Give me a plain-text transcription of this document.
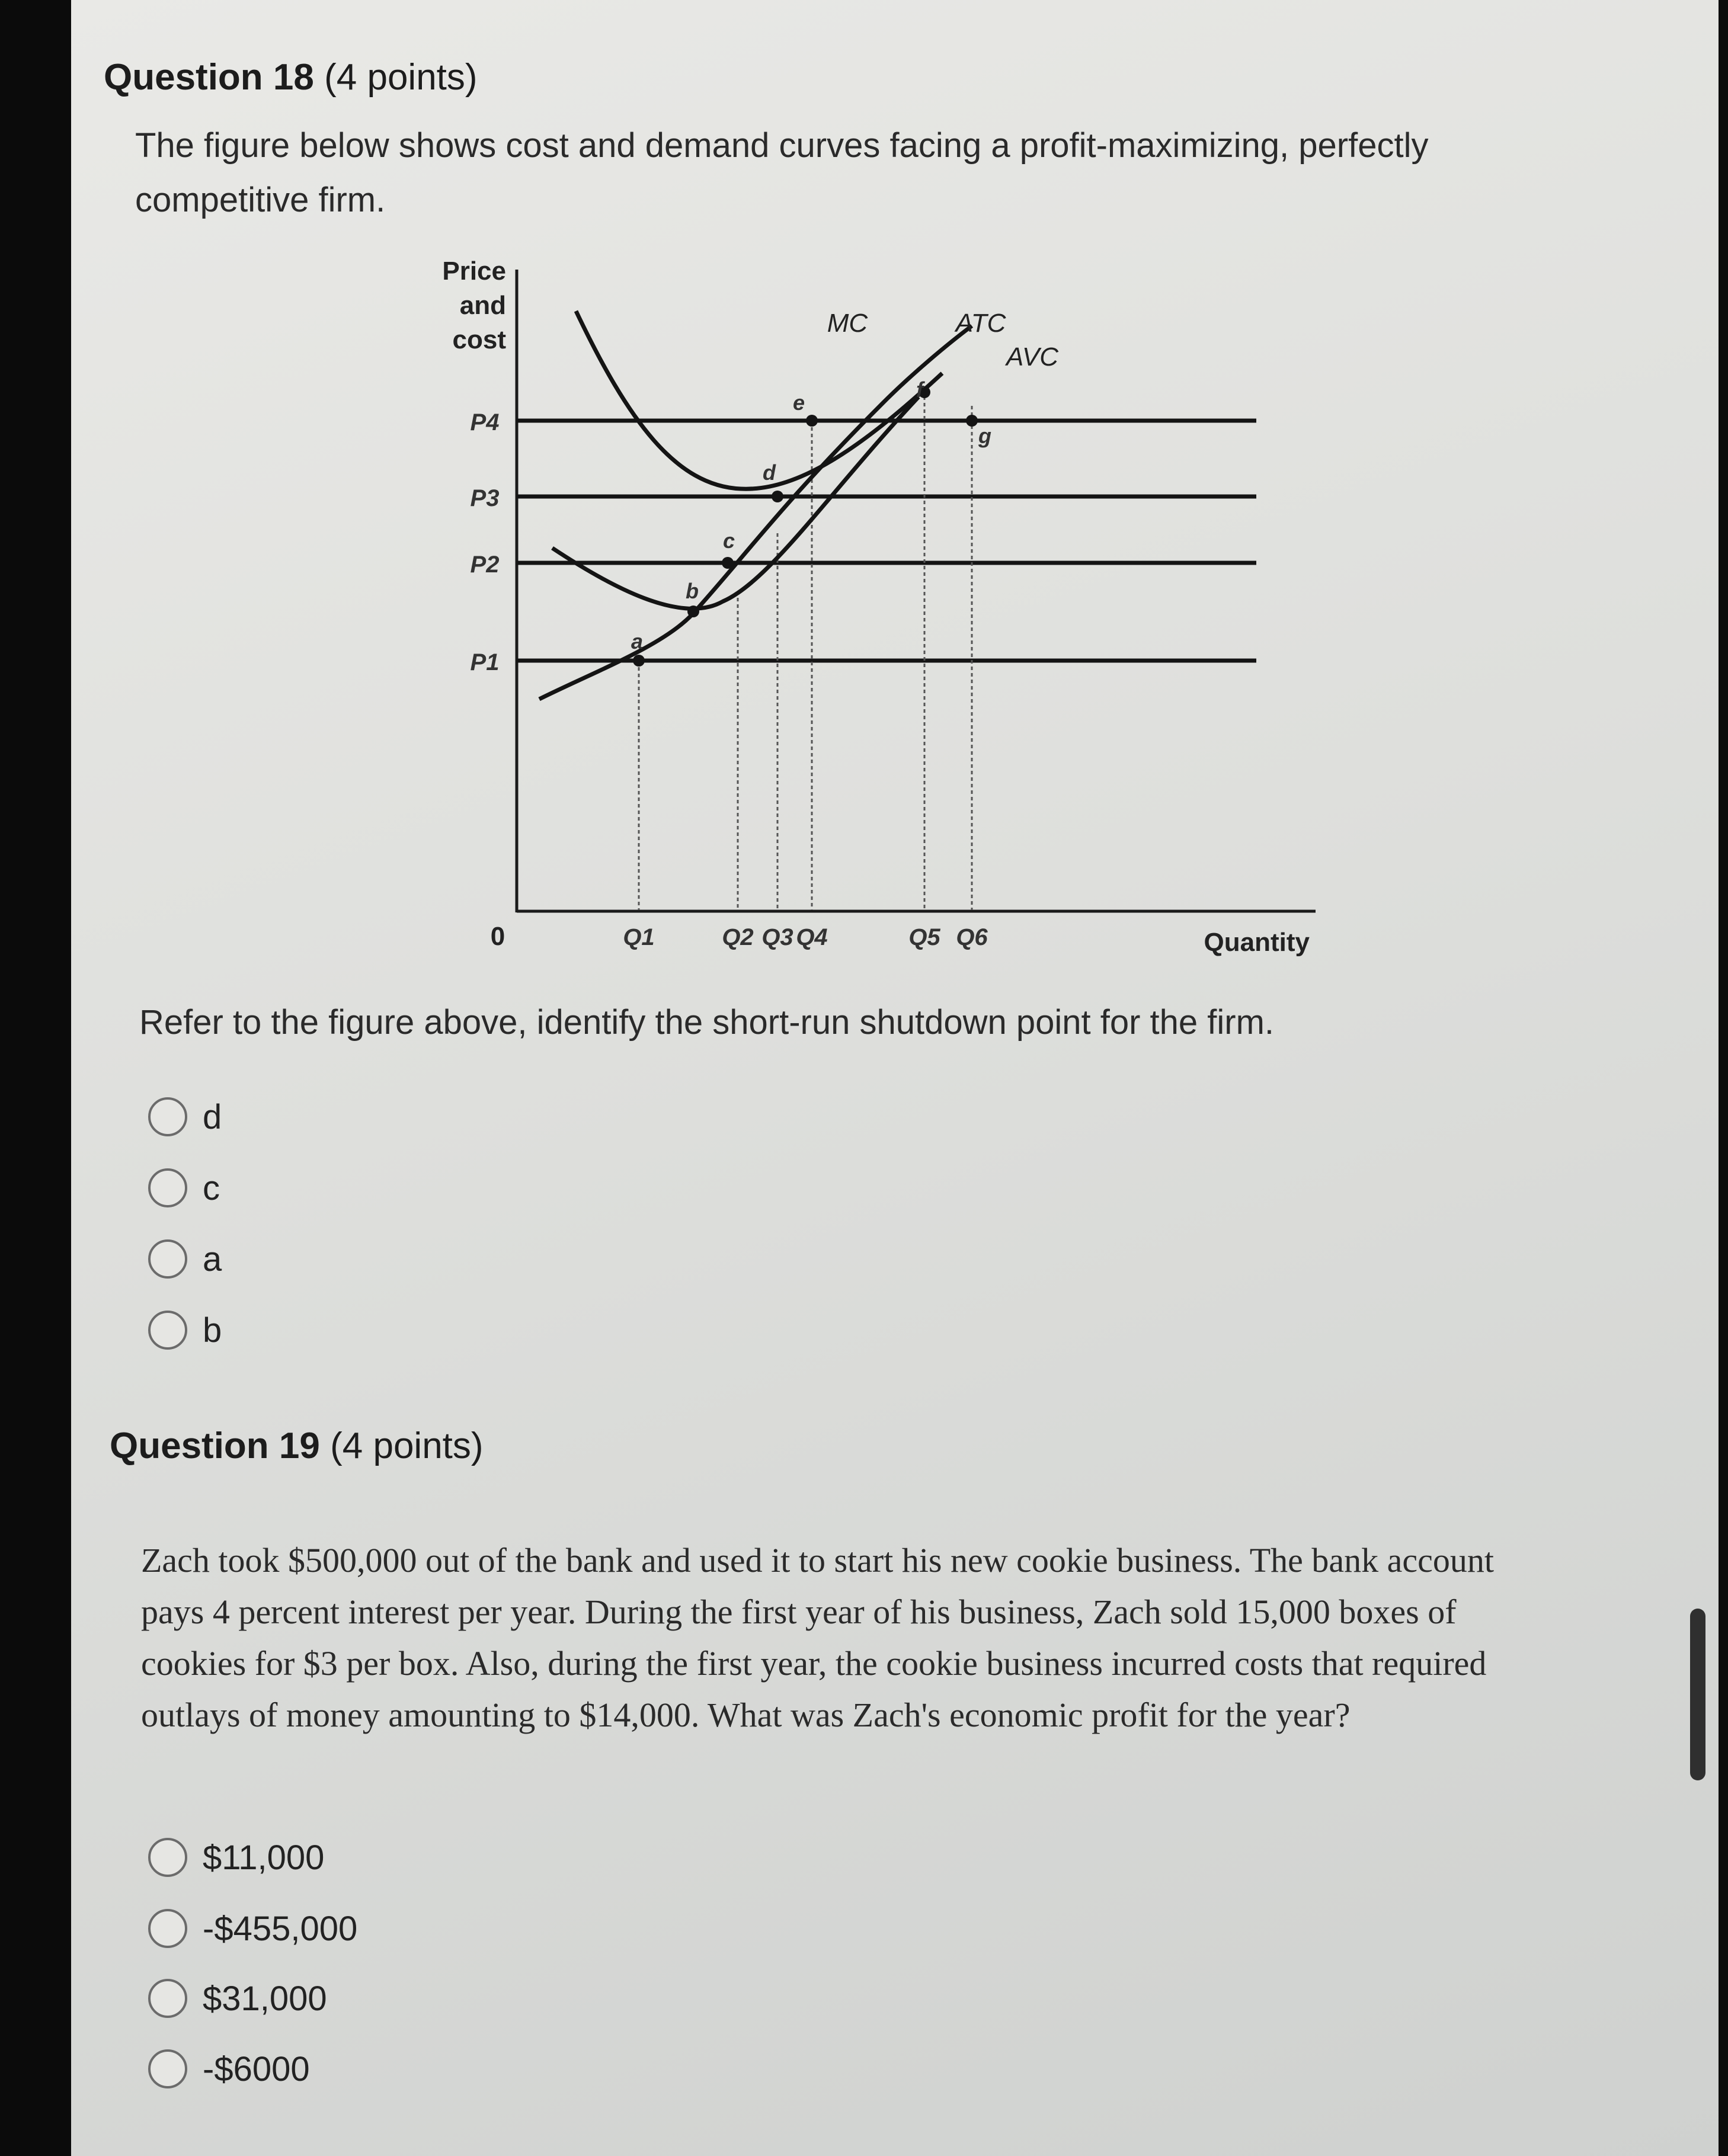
Question 18 (4 points)
The figure below shows cost and demand curves facing a profit-maximizing, perfectly competitive firm.
Price
and
cost
a
b
c
d
e
f
g
MC	ATC
AVC
0	Quantity
Q1	Q2 Q3 Q4	Q5 Q6
P4
P3
P2
P1
Refer to the figure above, identify the short-run shutdown point for the firm.
d
c
a
b
Question 19 (4 points)
Zach took $500,000 out of the bank and used it to start his new cookie business. The bank account pays 4 percent interest per year. During the first year of his business, Zach sold 15,000 boxes of cookies for $3 per box. Also, during the first year, the cookie business incurred costs that required outlays of money amounting to $14,000. What was Zach's economic profit for the year?
$11,000
-$455,000
$31,000
-$6000
